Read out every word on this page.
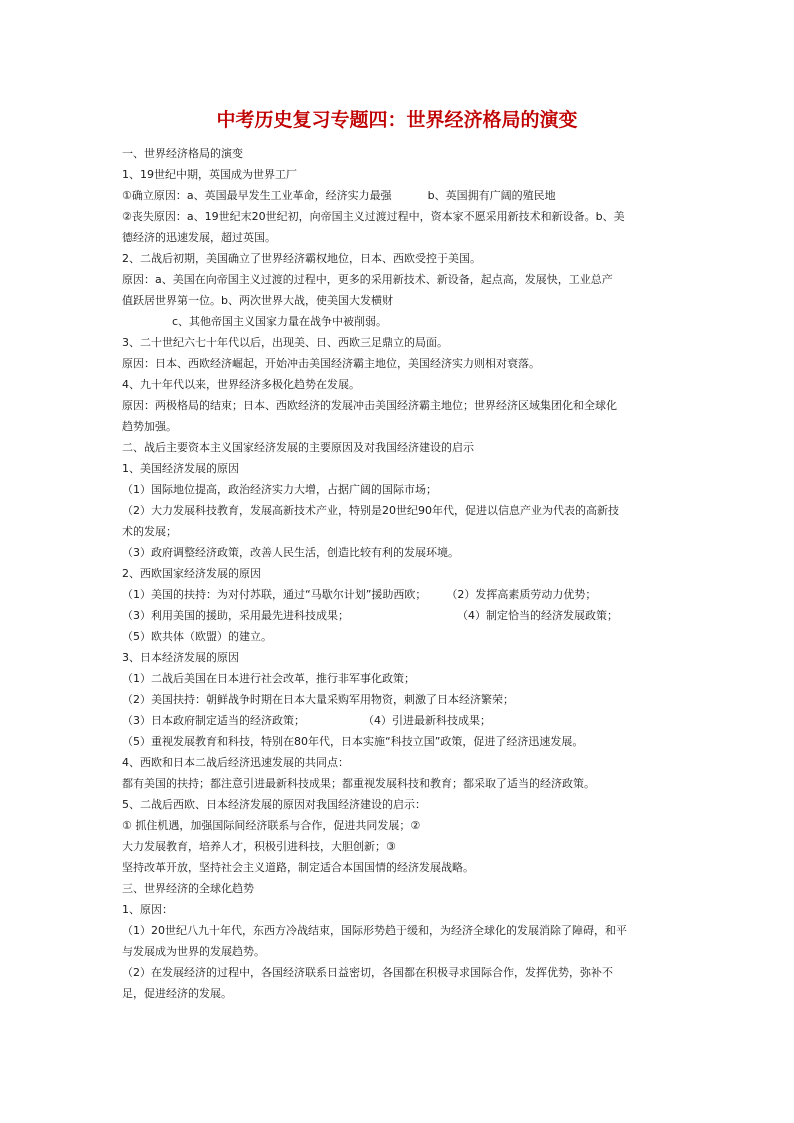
中考历史复习专题四：世界经济格局的演变
一、世界经济格局的演变
1、19世纪中期，英国成为世界工厂
①确立原因：a、英国最早发生工业革命，经济实力最强	b、英国拥有广阔的殖民地
②丧失原因：a、19世纪末20世纪初，向帝国主义过渡过程中，资本家不愿采用新技术和新设备。b、美
德经济的迅速发展，超过英国。
2、二战后初期，美国确立了世界经济霸权地位，日本、西欧受控于美国。
原因：a、美国在向帝国主义过渡的过程中，更多的采用新技术、新设备，起点高，发展快，工业总产
值跃居世界第一位。b、两次世界大战，使美国大发横财
c、其他帝国主义国家力量在战争中被削弱。
3、二十世纪六七十年代以后，出现美、日、西欧三足鼎立的局面。
原因：日本、西欧经济崛起，开始冲击美国经济霸主地位，美国经济实力则相对衰落。
4、九十年代以来，世界经济多极化趋势在发展。
原因：两极格局的结束；日本、西欧经济的发展冲击美国经济霸主地位；世界经济区域集团化和全球化
趋势加强。
二、战后主要资本主义国家经济发展的主要原因及对我国经济建设的启示
1、美国经济发展的原因
（1）国际地位提高，政治经济实力大增，占据广阔的国际市场；
（2）大力发展科技教育，发展高新技术产业，特别是20世纪90年代，促进以信息产业为代表的高新技
术的发展；
（3）政府调整经济政策，改善人民生活，创造比较有利的发展环境。
2、西欧国家经济发展的原因
（1）美国的扶持：为对付苏联，通过“马歇尔计划”援助西欧； （2）发挥高素质劳动力优势；
（3）利用美国的援助，采用最先进科技成果；	（4）制定恰当的经济发展政策；
（5）欧共体（欧盟）的建立。
3、日本经济发展的原因
（1）二战后美国在日本进行社会改革，推行非军事化政策；
（2）美国扶持：朝鲜战争时期在日本大量采购军用物资，刺激了日本经济繁荣；
（3）日本政府制定适当的经济政策；	（4）引进最新科技成果；
（5）重视发展教育和科技，特别在80年代，日本实施“科技立国”政策，促进了经济迅速发展。
4、西欧和日本二战后经济迅速发展的共同点：
都有美国的扶持；都注意引进最新科技成果；都重视发展科技和教育；都采取了适当的经济政策。
5、二战后西欧、日本经济发展的原因对我国经济建设的启示：
① 抓住机遇，加强国际间经济联系与合作，促进共同发展；②
大力发展教育，培养人才，积极引进科技，大胆创新；③
坚持改革开放，坚持社会主义道路，制定适合本国国情的经济发展战略。
三、世界经济的全球化趋势
1、原因：
（1）20世纪八九十年代，东西方冷战结束，国际形势趋于缓和，为经济全球化的发展消除了障碍，和平
与发展成为世界的发展趋势。
（2）在发展经济的过程中，各国经济联系日益密切，各国都在积极寻求国际合作，发挥优势，弥补不
足，促进经济的发展。
